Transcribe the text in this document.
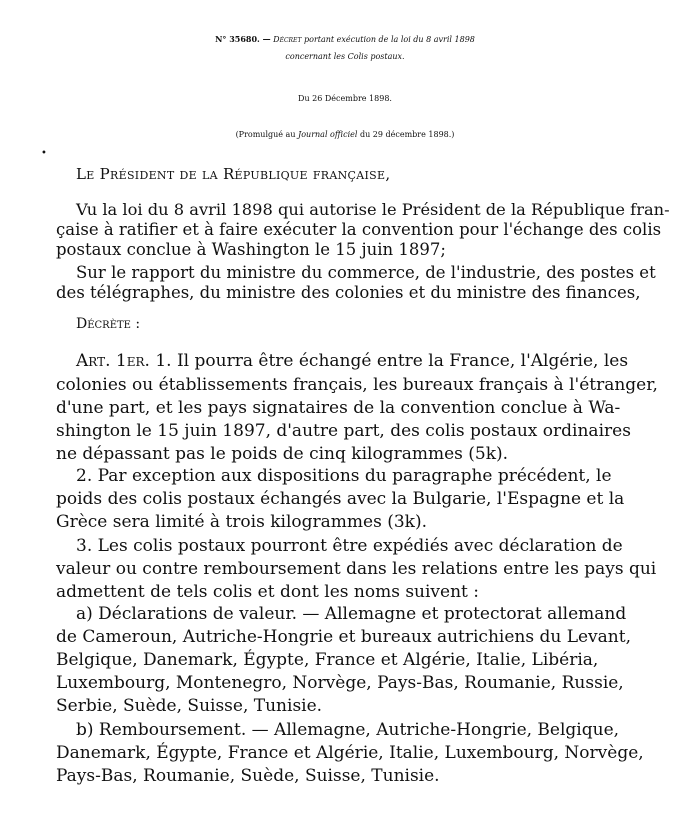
N° 35680. — Décret portant exécution de la loi du 8 avril 1898
concernant les Colis postaux.
Du 26 Décembre 1898.
(Promulgué au Journal officiel du 29 décembre 1898.)
•
Le Président de la République française,
Vu la loi du 8 avril 1898 qui autorise le Président de la République fran-
çaise à ratifier et à faire exécuter la convention pour l'échange des colis
postaux conclue à Washington le 15 juin 1897;
Sur le rapport du ministre du commerce, de l'industrie, des postes et
des télégraphes, du ministre des colonies et du ministre des finances,
Décrète :
Art. 1er. 1. Il pourra être échangé entre la France, l'Algérie, les
colonies ou établissements français, les bureaux français à l'étranger,
d'une part, et les pays signataires de la convention conclue à Wa-
shington le 15 juin 1897, d'autre part, des colis postaux ordinaires
ne dépassant pas le poids de cinq kilogrammes (5k).
2. Par exception aux dispositions du paragraphe précédent, le
poids des colis postaux échangés avec la Bulgarie, l'Espagne et la
Grèce sera limité à trois kilogrammes (3k).
3. Les colis postaux pourront être expédiés avec déclaration de
valeur ou contre remboursement dans les relations entre les pays qui
admettent de tels colis et dont les noms suivent :
a) Déclarations de valeur. — Allemagne et protectorat allemand
de Cameroun, Autriche-Hongrie et bureaux autrichiens du Levant,
Belgique, Danemark, Égypte, France et Algérie, Italie, Libéria,
Luxembourg, Montenegro, Norvège, Pays-Bas, Roumanie, Russie,
Serbie, Suède, Suisse, Tunisie.
b) Remboursement. — Allemagne, Autriche-Hongrie, Belgique,
Danemark, Égypte, France et Algérie, Italie, Luxembourg, Norvège,
Pays-Bas, Roumanie, Suède, Suisse, Tunisie.
